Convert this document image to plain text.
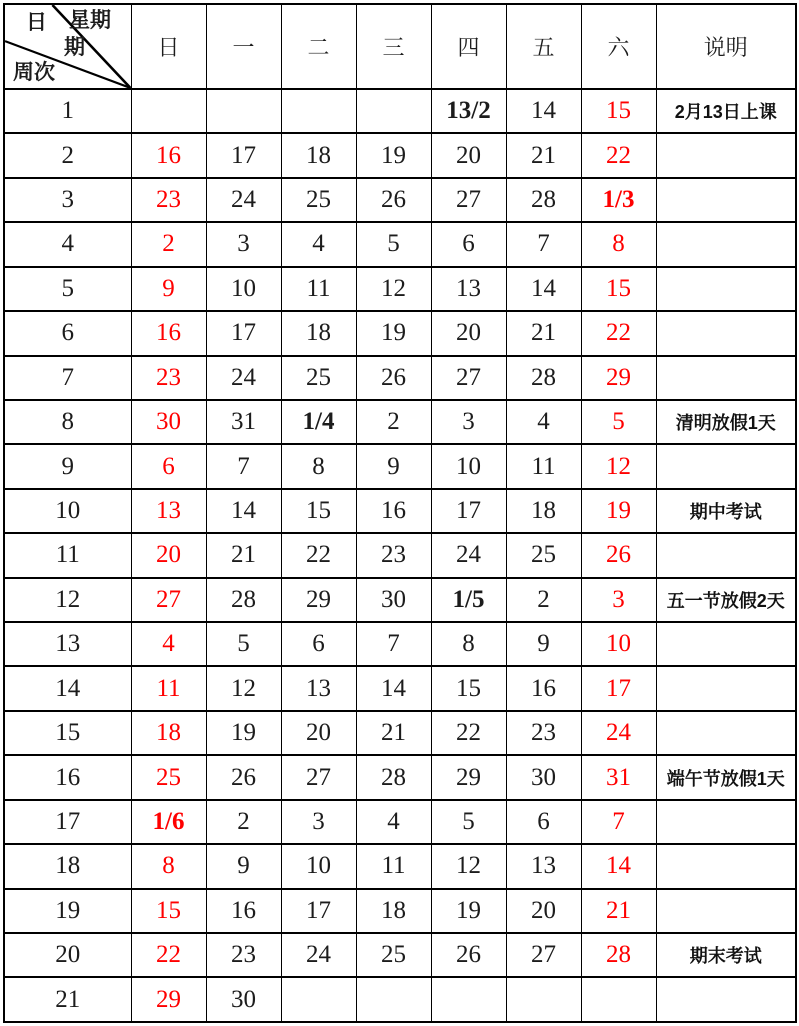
日 星期
期
周次	日	一	二	三	四	五	六	说明
1					13/2	14	15	2月13日上课
2	16	17	18	19	20	21	22	
3	23	24	25	26	27	28	1/3	
4	2	3	4	5	6	7	8	
5	9	10	11	12	13	14	15	
6	16	17	18	19	20	21	22	
7	23	24	25	26	27	28	29	
8	30	31	1/4	2	3	4	5	清明放假1天
9	6	7	8	9	10	11	12	
10	13	14	15	16	17	18	19	期中考试
11	20	21	22	23	24	25	26	
12	27	28	29	30	1/5	2	3	五一节放假2天
13	4	5	6	7	8	9	10	
14	11	12	13	14	15	16	17	
15	18	19	20	21	22	23	24	
16	25	26	27	28	29	30	31	端午节放假1天
17	1/6	2	3	4	5	6	7	
18	8	9	10	11	12	13	14	
19	15	16	17	18	19	20	21	
20	22	23	24	25	26	27	28	期末考试
21	29	30						
